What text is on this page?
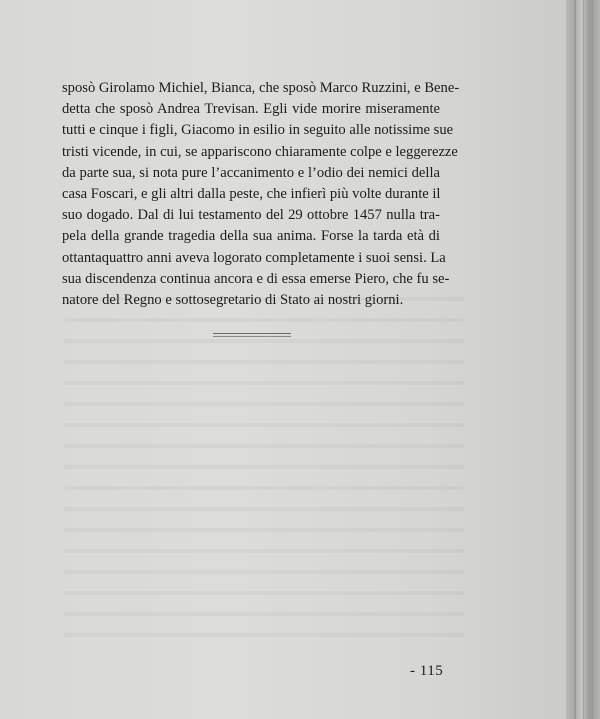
sposò Girolamo Michiel, Bianca, che sposò Marco Ruzzini, e Bene-
detta che sposò Andrea Trevisan. Egli vide morire miseramente
tutti e cinque i figli, Giacomo in esilio in seguito alle notissime sue
tristi vicende, in cui, se appariscono chiaramente colpe e leggerezze
da parte sua, si nota pure l’accanimento e l’odio dei nemici della
casa Foscari, e gli altri dalla peste, che infierì più volte durante il
suo dogado. Dal di lui testamento del 29 ottobre 1457 nulla tra-
pela della grande tragedia della sua anima. Forse la tarda età di
ottantaquattro anni aveva logorato completamente i suoi sensi. La
sua discendenza continua ancora e di essa emerse Piero, che fu se-
natore del Regno e sottosegretario di Stato ai nostri giorni.
- 115
